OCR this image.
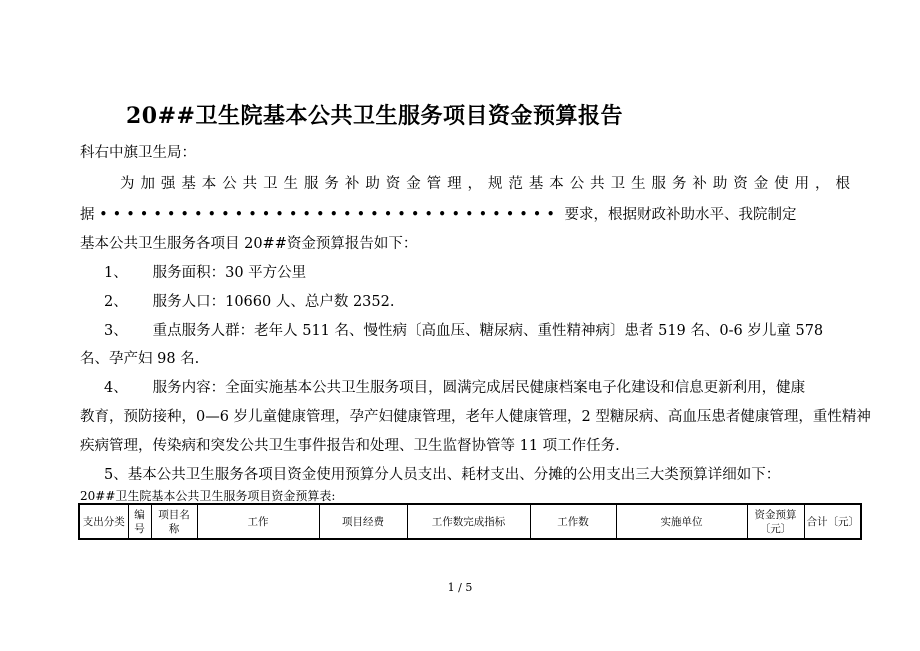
20##卫生院基本公共卫生服务项目资金预算报告
科右中旗卫生局：
为加强基本公共卫生服务补助资金管理，规范基本公共卫生服务补助资金使用，根
据 •••••••••••••••••••••••••••••••••• 要求，根据财政补助水平、我院制定
基本公共卫生服务各项目 20##资金预算报告如下：
1、 服务面积：30 平方公里
2、 服务人口：10660 人、总户数 2352.
3、 重点服务人群：老年人 511 名、慢性病〔高血压、糖尿病、重性精神病〕患者 519 名、0-6 岁儿童 578
名、孕产妇 98 名.
4、 服务内容：全面实施基本公共卫生服务项目，圆满完成居民健康档案电子化建设和信息更新利用，健康
教育，预防接种，0—6 岁儿童健康管理，孕产妇健康管理，老年人健康管理，2 型糖尿病、高血压患者健康管理，重性精神
疾病管理，传染病和突发公共卫生事件报告和处理、卫生监督协管等 11 项工作任务.
5、基本公共卫生服务各项目资金使用预算分人员支出、耗材支出、分摊的公用支出三大类预算详细如下：
20##卫生院基本公共卫生服务项目资金预算表:
支出分类	编号	项目名称	工作	项目经费	工作数完成指标	工作数	实施单位	资金预算〔元〕	合计〔元〕
1 / 5
